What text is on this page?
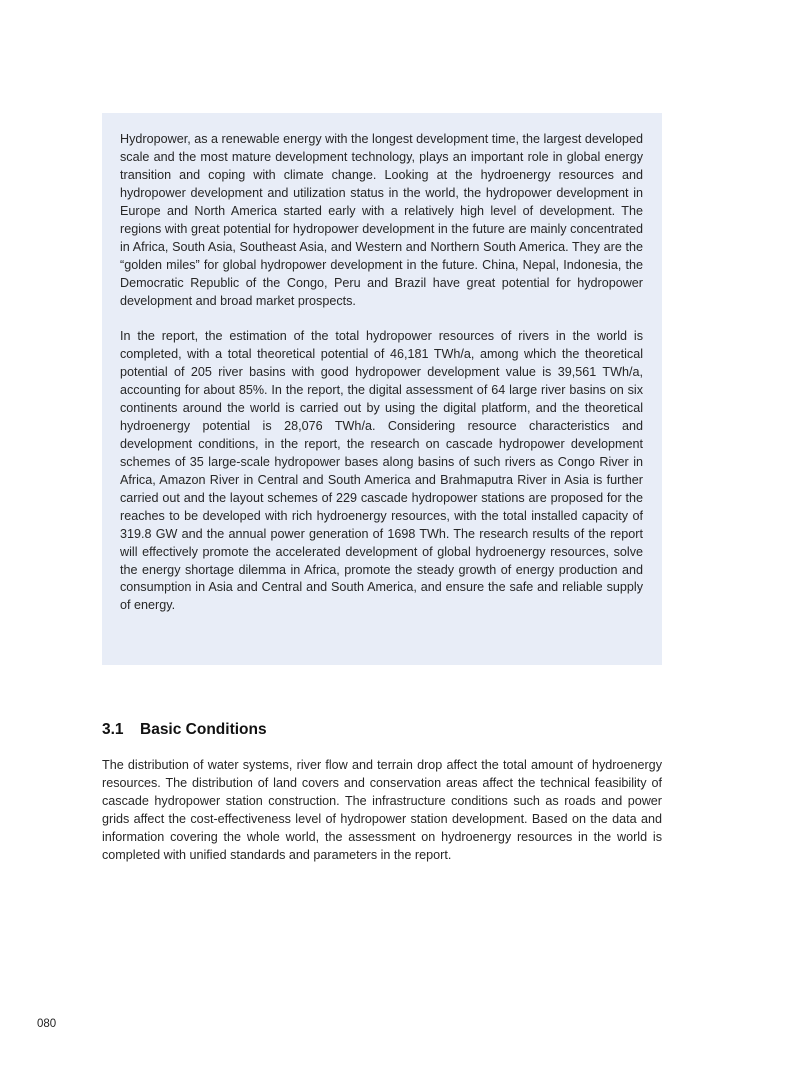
Hydropower, as a renewable energy with the longest development time, the largest developed scale and the most mature development technology, plays an important role in global energy transition and coping with climate change. Looking at the hydroenergy resources and hydropower development and utilization status in the world, the hydropower development in Europe and North America started early with a relatively high level of development. The regions with great potential for hydropower development in the future are mainly concentrated in Africa, South Asia, Southeast Asia, and Western and Northern South America. They are the “golden miles” for global hydropower development in the future. China, Nepal, Indonesia, the Democratic Republic of the Congo, Peru and Brazil have great potential for hydropower development and broad market prospects.

In the report, the estimation of the total hydropower resources of rivers in the world is completed, with a total theoretical potential of 46,181 TWh/a, among which the theoretical potential of 205 river basins with good hydropower development value is 39,561 TWh/a, accounting for about 85%. In the report, the digital assessment of 64 large river basins on six continents around the world is carried out by using the digital platform, and the theoretical hydroenergy potential is 28,076 TWh/a. Considering resource characteristics and development conditions, in the report, the research on cascade hydropower development schemes of 35 large-scale hydropower bases along basins of such rivers as Congo River in Africa, Amazon River in Central and South America and Brahmaputra River in Asia is further carried out and the layout schemes of 229 cascade hydropower stations are proposed for the reaches to be developed with rich hydroenergy resources, with the total installed capacity of 319.8 GW and the annual power generation of 1698 TWh. The research results of the report will effectively promote the accelerated development of global hydroenergy resources, solve the energy shortage dilemma in Africa, promote the steady growth of energy production and consumption in Asia and Central and South America, and ensure the safe and reliable supply of energy.

3.1 Basic Conditions

The distribution of water systems, river flow and terrain drop affect the total amount of hydroenergy resources. The distribution of land covers and conservation areas affect the technical feasibility of cascade hydropower station construction. The infrastructure conditions such as roads and power grids affect the cost-effectiveness level of hydropower station development. Based on the data and information covering the whole world, the assessment on hydroenergy resources in the world is completed with unified standards and parameters in the report.

080
